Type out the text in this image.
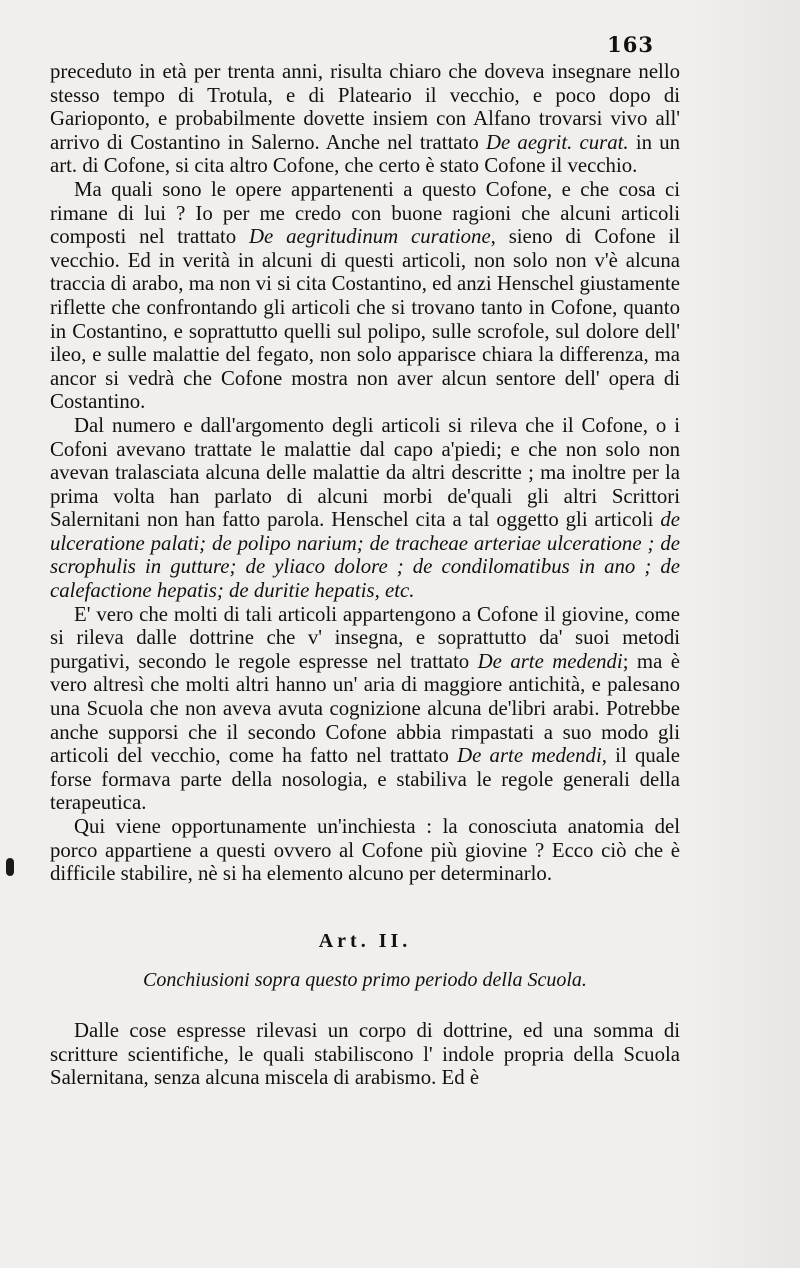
163

preceduto in età per trenta anni, risulta chiaro che doveva insegnare nello stesso tempo di Trotula, e di Plateario il vecchio, e poco dopo di Garioponto, e probabilmente dovette insiem con Alfano trovarsi vivo all' arrivo di Costantino in Salerno. Anche nel trattato De aegrit. curat. in un art. di Cofone, si cita altro Cofone, che certo è stato Cofone il vecchio.

Ma quali sono le opere appartenenti a questo Cofone, e che cosa ci rimane di lui ? Io per me credo con buone ragioni che alcuni articoli composti nel trattato De aegritudinum curatione, sieno di Cofone il vecchio. Ed in verità in alcuni di questi articoli, non solo non v'è alcuna traccia di arabo, ma non vi si cita Costantino, ed anzi Henschel giustamente riflette che confrontando gli articoli che si trovano tanto in Cofone, quanto in Costantino, e soprattutto quelli sul polipo, sulle scrofole, sul dolore dell' ileo, e sulle malattie del fegato, non solo apparisce chiara la differenza, ma ancor si vedrà che Cofone mostra non aver alcun sentore dell' opera di Costantino.

Dal numero e dall'argomento degli articoli si rileva che il Cofone, o i Cofoni avevano trattate le malattie dal capo a'piedi; e che non solo non avevan tralasciata alcuna delle malattie da altri descritte ; ma inoltre per la prima volta han parlato di alcuni morbi de'quali gli altri Scrittori Salernitani non han fatto parola. Henschel cita a tal oggetto gli articoli de ulceratione palati; de polipo narium; de tracheae arteriae ulceratione ; de scrophulis in gutture; de yliaco dolore ; de condilomatibus in ano ; de calefactione hepatis; de duritie hepatis, etc.

E' vero che molti di tali articoli appartengono a Cofone il giovine, come si rileva dalle dottrine che v' insegna, e soprattutto da' suoi metodi purgativi, secondo le regole espresse nel trattato De arte medendi; ma è vero altresì che molti altri hanno un' aria di maggiore antichità, e palesano una Scuola che non aveva avuta cognizione alcuna de'libri arabi. Potrebbe anche supporsi che il secondo Cofone abbia rimpastati a suo modo gli articoli del vecchio, come ha fatto nel trattato De arte medendi, il quale forse formava parte della nosologia, e stabiliva le regole generali della terapeutica.

Qui viene opportunamente un'inchiesta : la conosciuta anatomia del porco appartiene a questi ovvero al Cofone più giovine ? Ecco ciò che è difficile stabilire, nè si ha elemento alcuno per determinarlo.

Art. II.
Conchiusioni sopra questo primo periodo della Scuola.

Dalle cose espresse rilevasi un corpo di dottrine, ed una somma di scritture scientifiche, le quali stabiliscono l' indole propria della Scuola Salernitana, senza alcuna miscela di arabismo. Ed è
